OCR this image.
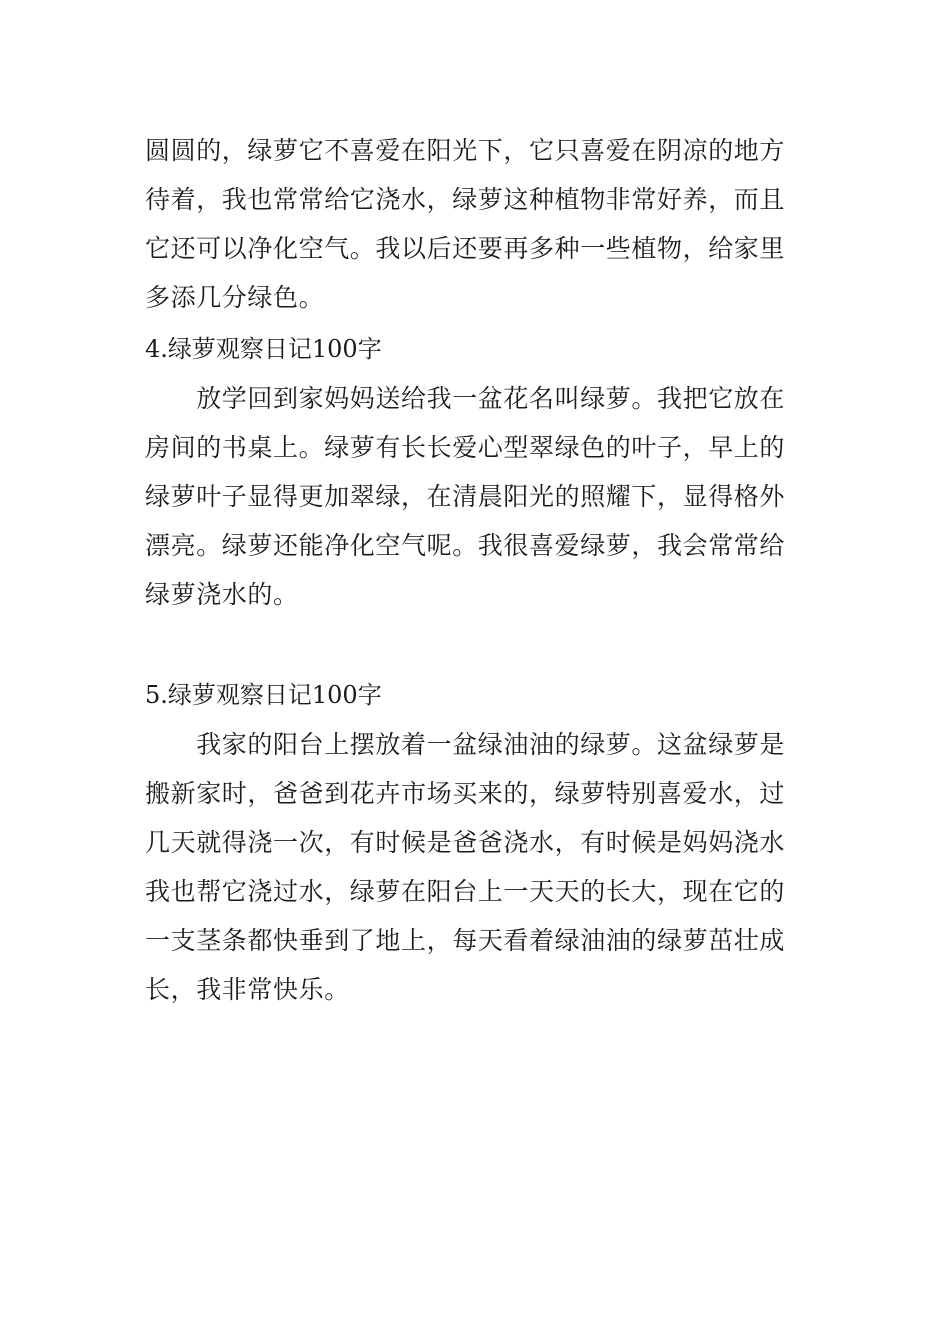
圆圆的，绿萝它不喜爱在阳光下，它只喜爱在阴凉的地方
待着，我也常常给它浇水，绿萝这种植物非常好养，而且
它还可以净化空气。我以后还要再多种一些植物，给家里
多添几分绿色。
4.绿萝观察日记100字
　　放学回到家妈妈送给我一盆花名叫绿萝。我把它放在
房间的书桌上。绿萝有长长爱心型翠绿色的叶子，早上的
绿萝叶子显得更加翠绿，在清晨阳光的照耀下，显得格外
漂亮。绿萝还能净化空气呢。我很喜爱绿萝，我会常常给
绿萝浇水的。
5.绿萝观察日记100字
　　我家的阳台上摆放着一盆绿油油的绿萝。这盆绿萝是
搬新家时，爸爸到花卉市场买来的，绿萝特别喜爱水，过
几天就得浇一次，有时候是爸爸浇水，有时候是妈妈浇水
我也帮它浇过水，绿萝在阳台上一天天的长大，现在它的
一支茎条都快垂到了地上，每天看着绿油油的绿萝茁壮成
长，我非常快乐。
